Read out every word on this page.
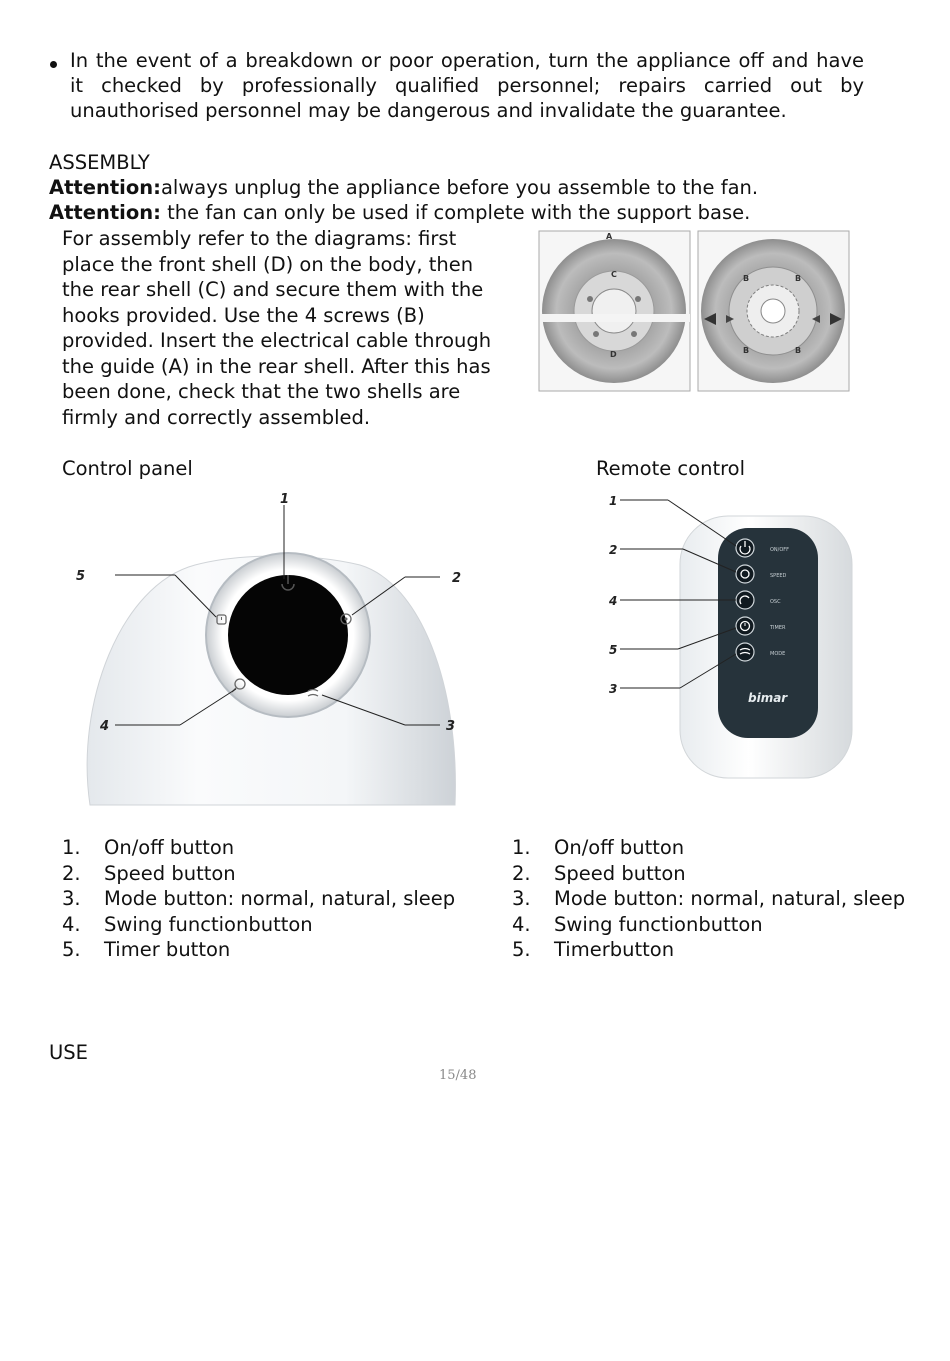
In the event of a breakdown or poor operation, turn the appliance off and have
it checked by professionally qualified personnel; repairs carried out by
unauthorised personnel may be dangerous and invalidate the guarantee.
ASSEMBLY
Attention:always unplug the appliance before you assemble to the fan.
Attention: the fan can only be used if complete with the support base.
For assembly refer to the diagrams: first
place the front shell (D) on the body, then
the rear shell (C) and secure them with the
hooks provided. Use the 4 screws (B)
provided. Insert the electrical cable through
the guide (A) in the rear shell. After this has
been done, check that the two shells are
firmly and correctly assembled.
A
C
D
B	B
B	B
Control panel	Remote control
1
2
3
4
5
ON/OFF
SPEED
OSC
TIMER
MODE
bimar
1
2
4
5
3
1.	On/off button
2.	Speed button
3.	Mode button: normal, natural, sleep
4.	Swing functionbutton
5.	Timer button
1.	On/off button
2.	Speed button
3.	Mode button: normal, natural, sleep
4.	Swing functionbutton
5.	Timerbutton
USE
15/48
